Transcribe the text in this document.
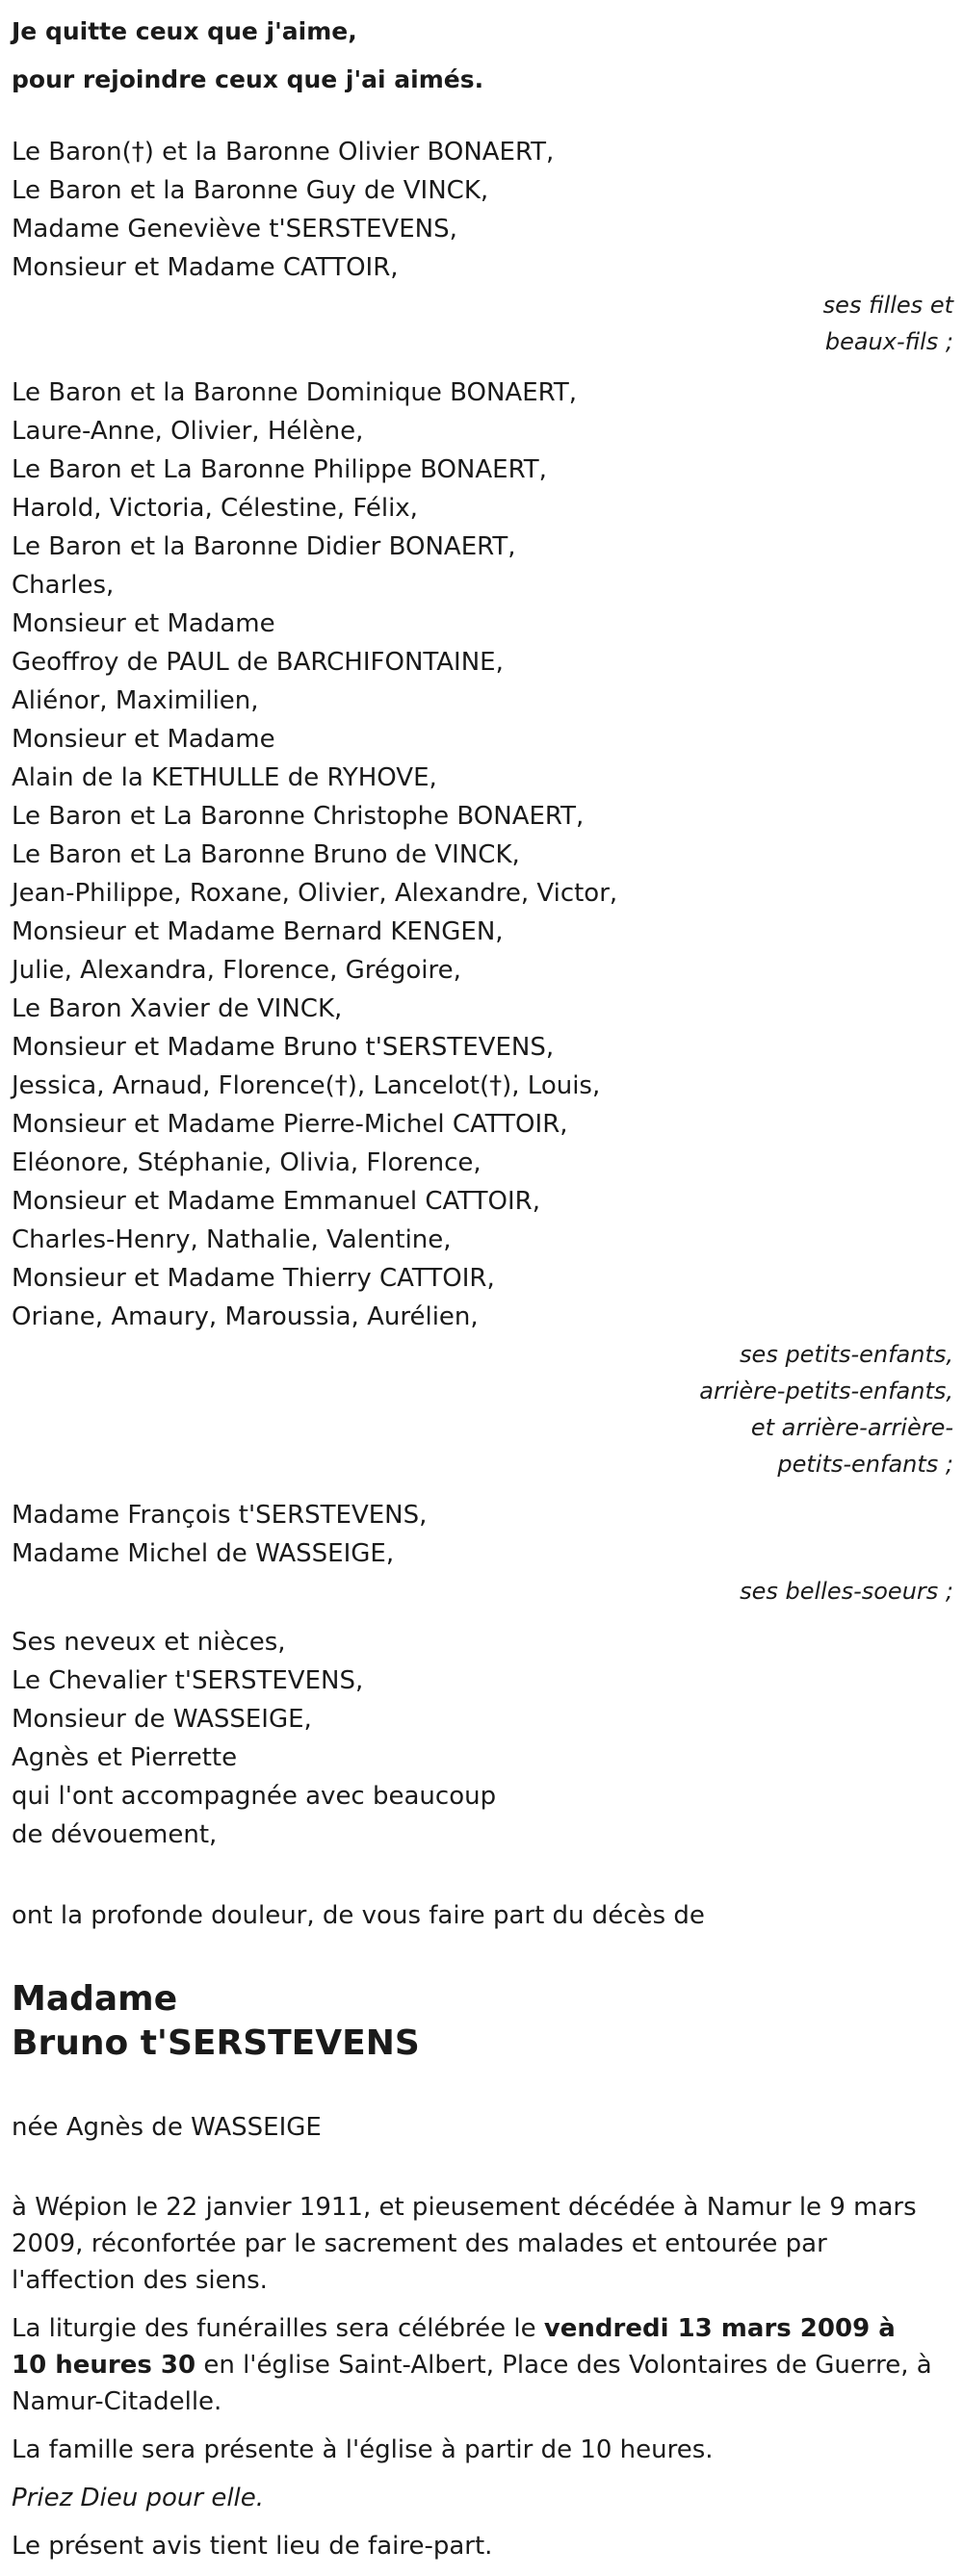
Je quitte ceux que j'aime,
pour rejoindre ceux que j'ai aimés.
Le Baron(†) et la Baronne Olivier BONAERT,
Le Baron et la Baronne Guy de VINCK,
Madame Geneviève t'SERSTEVENS,
Monsieur et Madame CATTOIR,
ses filles et
beaux-fils ;
Le Baron et la Baronne Dominique BONAERT,
Laure-Anne, Olivier, Hélène,
Le Baron et La Baronne Philippe BONAERT,
Harold, Victoria, Célestine, Félix,
Le Baron et la Baronne Didier BONAERT,
Charles,
Monsieur et Madame
Geoffroy de PAUL de BARCHIFONTAINE,
Aliénor, Maximilien,
Monsieur et Madame
Alain de la KETHULLE de RYHOVE,
Le Baron et La Baronne Christophe BONAERT,
Le Baron et La Baronne Bruno de VINCK,
Jean-Philippe, Roxane, Olivier, Alexandre, Victor,
Monsieur et Madame Bernard KENGEN,
Julie, Alexandra, Florence, Grégoire,
Le Baron Xavier de VINCK,
Monsieur et Madame Bruno t'SERSTEVENS,
Jessica, Arnaud, Florence(†), Lancelot(†), Louis,
Monsieur et Madame Pierre-Michel CATTOIR,
Eléonore, Stéphanie, Olivia, Florence,
Monsieur et Madame Emmanuel CATTOIR,
Charles-Henry, Nathalie, Valentine,
Monsieur et Madame Thierry CATTOIR,
Oriane, Amaury, Maroussia, Aurélien,
ses petits-enfants,
arrière-petits-enfants,
et arrière-arrière-
petits-enfants ;
Madame François t'SERSTEVENS,
Madame Michel de WASSEIGE,
ses belles-soeurs ;
Ses neveux et nièces,
Le Chevalier t'SERSTEVENS,
Monsieur de WASSEIGE,
Agnès et Pierrette
qui l'ont accompagnée avec beaucoup
de dévouement,
ont la profonde douleur, de vous faire part du décès de
Madame
Bruno t'SERSTEVENS
née Agnès de WASSEIGE

à Wépion le 22 janvier 1911, et pieusement décédée à Namur le 9 mars 2009, réconfortée par le sacrement des malades et entourée par l'affection des siens.

La liturgie des funérailles sera célébrée le vendredi 13 mars 2009 à 10 heures 30 en l'église Saint-Albert, Place des Volontaires de Guerre, à Namur-Citadelle.

La famille sera présente à l'église à partir de 10 heures.

Priez Dieu pour elle.

Le présent avis tient lieu de faire-part.
